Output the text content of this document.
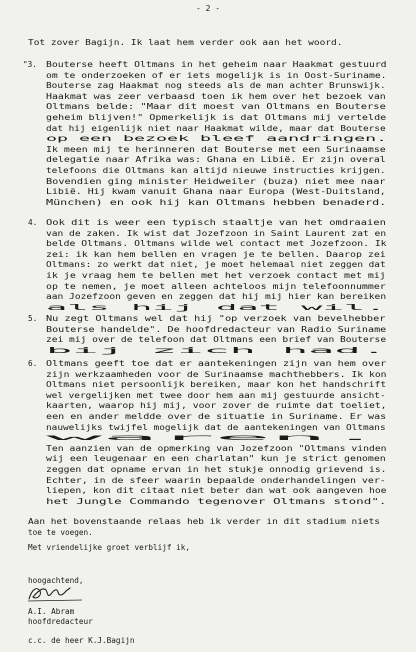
- 2 -
Tot zover Bagijn. Ik laat hem verder ook aan het woord.
"3. Bouterse heeft Oltmans in het geheim naar Haakmat gestuurd
om te onderzoeken of er iets mogelijk is in Oost-Suriname.
Bouterse zag Haakmat nog steeds als de man achter Brunswijk.
Haakmat was zeer verbaasd toen ik hem over het bezoek van
Oltmans belde: "Maar dit moest van Oltmans en Bouterse
geheim blijven!" Opmerkelijk is dat Oltmans mij vertelde
dat hij eigenlijk niet naar Haakmat wilde, maar dat Bouterse
op een bezoek bleef aandringen.
Ik meen mij te herinneren dat Bouterse met een Surinaamse
delegatie naar Afrika was: Ghana en Libië. Er zijn overal
telefoons die Oltmans kan altijd nieuwe instructies krijgen.
Bovendien ging minister Heidweiler (buza) niet mee naar
Libië. Hij kwam vanuit Ghana naar Europa (West-Duitsland,
München) en ook hij kan Oltmans hebben benaderd.
4. Ook dit is weer een typisch staaltje van het omdraaien
van de zaken. Ik wist dat Jozefzoon in Saint Laurent zat en
belde Oltmans. Oltmans wilde wel contact met Jozefzoon. Ik
zei: ik kan hem bellen en vragen je te bellen. Daarop zei
Oltmans: zo werkt dat niet, je moet helemaal niet zeggen dat
ik je vraag hem te bellen met het verzoek contact met mij
op te nemen, je moet alleen achteloos mijn telefoonnummer
aan Jozefzoon geven en zeggen dat hij mij hier kan bereiken
als hij dat wil.
5. Nu zegt Oltmans wel dat hij "op verzoek van bevelhebber
Bouterse handelde". De hoofdredacteur van Radio Suriname
zei mij over de telefoon dat Oltmans een brief van Bouterse
bij zich had.
6. Oltmans geeft toe dat er aantekeningen zijn van hem over
zijn werkzaamheden voor de Surinaamse machthebbers. Ik kon
Oltmans niet persoonlijk bereiken, maar kon het handschrift
wel vergelijken met twee door hem aan mij gestuurde ansicht-
kaarten, waarop hij mij, voor zover de ruimte dat toeliet,
een en ander meldde over de situatie in Suriname. Er was
nauwelijks twijfel mogelijk dat de aantekeningen van Oltmans
waren.
Ten aanzien van de opmerking van Jozefzoon "Oltmans vinden
wij een leugenaar en een charlatan" kun je strict genomen
zeggen dat opname ervan in het stukje onnodig grievend is.
Echter, in de sfeer waarin bepaalde onderhandelingen ver-
liepen, kon dit citaat niet beter dan wat ook aangeven hoe
het Jungle Commando tegenover Oltmans stond".
Aan het bovenstaande relaas heb ik verder in dit stadium niets
toe te voegen.
Met vriendelijke groet verblijf ik,
hoogachtend,
A.I. Abram
hoofdredacteur
c.c. de heer K.J.Bagijn
